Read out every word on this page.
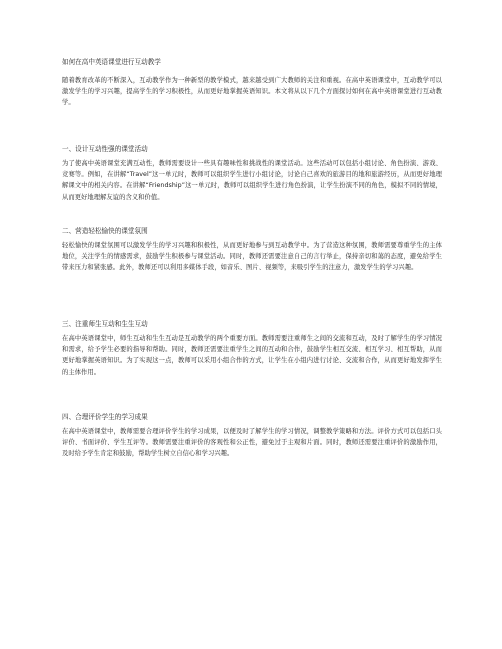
如何在高中英语课堂进行互动教学

随着教育改革的不断深入，互动教学作为一种新型的教学模式，越来越受到广大教师的关注和重视。在高中英语课堂中，互动教学可以激发学生的学习兴趣，提高学生的学习积极性，从而更好地掌握英语知识。本文将从以下几个方面探讨如何在高中英语课堂进行互动教学。

一、设计互动性强的课堂活动

为了使高中英语课堂充满互动性，教师需要设计一些具有趣味性和挑战性的课堂活动。这些活动可以包括小组讨论、角色扮演、游戏、竞赛等。例如，在讲解“Travel”这一单元时，教师可以组织学生进行小组讨论，讨论自己喜欢的旅游目的地和旅游经历，从而更好地理解课文中的相关内容。在讲解“Friendship”这一单元时，教师可以组织学生进行角色扮演，让学生扮演不同的角色，模拟不同的情境，从而更好地理解友谊的含义和价值。

二、营造轻松愉快的课堂氛围

轻松愉快的课堂氛围可以激发学生的学习兴趣和积极性，从而更好地参与到互动教学中。为了营造这种氛围，教师需要尊重学生的主体地位，关注学生的情感需求，鼓励学生积极参与课堂活动。同时，教师还需要注意自己的言行举止，保持亲切和蔼的态度，避免给学生带来压力和紧张感。此外，教师还可以利用多媒体手段，如音乐、图片、视频等，来吸引学生的注意力，激发学生的学习兴趣。

三、注重师生互动和生生互动

在高中英语课堂中，师生互动和生生互动是互动教学的两个重要方面。教师需要注重师生之间的交流和互动，及时了解学生的学习情况和需求，给予学生必要的指导和帮助。同时，教师还需要注重学生之间的互动和合作，鼓励学生相互交流、相互学习、相互帮助，从而更好地掌握英语知识。为了实现这一点，教师可以采用小组合作的方式，让学生在小组内进行讨论、交流和合作，从而更好地发挥学生的主体作用。

四、合理评价学生的学习成果

在高中英语课堂中，教师需要合理评价学生的学习成果，以便及时了解学生的学习情况，调整教学策略和方法。评价方式可以包括口头评价、书面评价、学生互评等。教师需要注重评价的客观性和公正性，避免过于主观和片面。同时，教师还需要注重评价的激励作用，及时给予学生肯定和鼓励，帮助学生树立自信心和学习兴趣。
